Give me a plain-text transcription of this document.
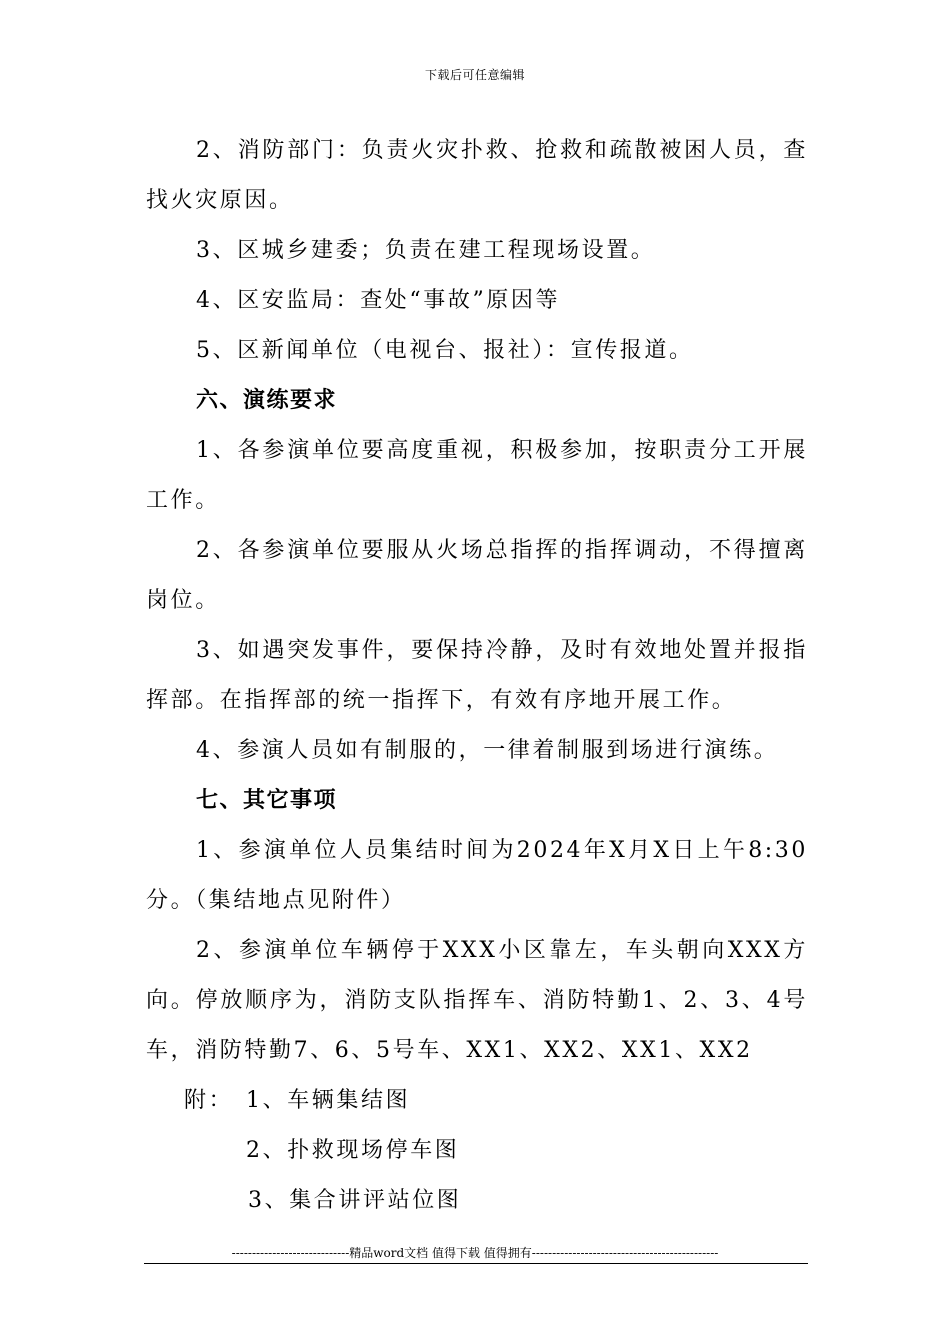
下载后可任意编辑

2、消防部门：负责火灾扑救、抢救和疏散被困人员，查找火灾原因。

3、区城乡建委；负责在建工程现场设置。

4、区安监局：查处“事故”原因等

5、区新闻单位（电视台、报社）：宣传报道。

六、演练要求

1、各参演单位要高度重视，积极参加，按职责分工开展工作。

2、各参演单位要服从火场总指挥的指挥调动，不得擅离岗位。

3、如遇突发事件，要保持冷静，及时有效地处置并报指挥部。在指挥部的统一指挥下，有效有序地开展工作。

4、参演人员如有制服的，一律着制服到场进行演练。

七、其它事项

1、参演单位人员集结时间为2024年X月X日上午8:30分。（集结地点见附件）

2、参演单位车辆停于XXX小区靠左，车头朝向XXX方向。停放顺序为，消防支队指挥车、消防特勤1、2、3、4号车，消防特勤7、6、5号车、XX1、XX2、XX1、XX2

附： 1、车辆集结图
2、扑救现场停车图
3、集合讲评站位图
-----------------------------精品word文档 值得下载 值得拥有----------------------------------------------
